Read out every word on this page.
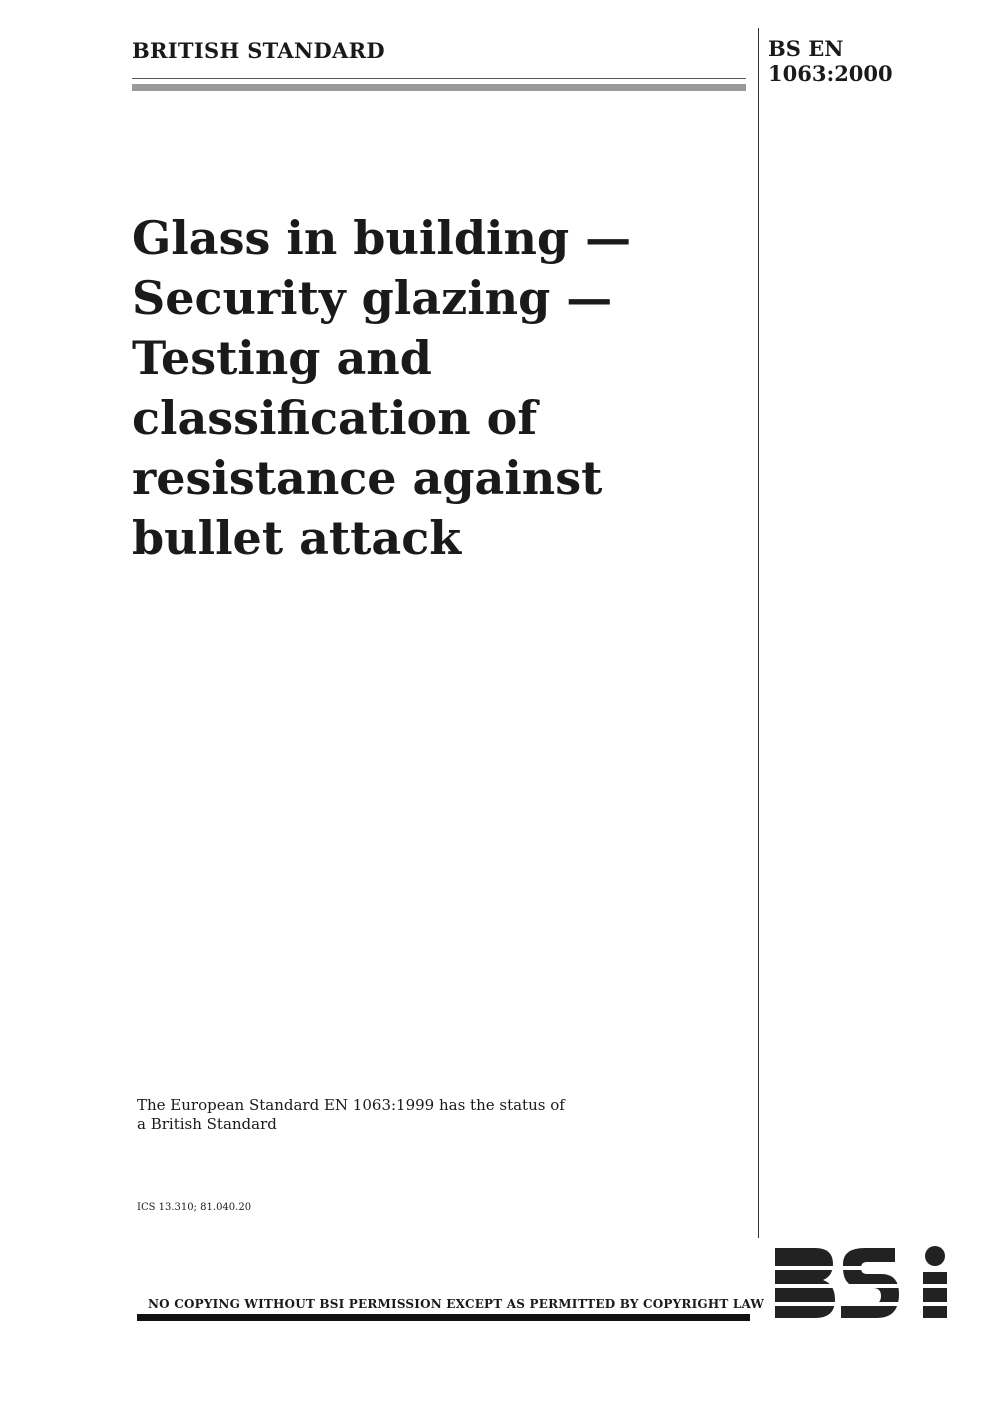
BRITISH STANDARD	BS EN
1063:2000
Glass in building —
Security glazing —
Testing and
classification of
resistance against
bullet attack
The European Standard EN 1063:1999 has the status of a British Standard
ICS 13.310; 81.040.20
NO COPYING WITHOUT BSI PERMISSION EXCEPT AS PERMITTED BY COPYRIGHT LAW
